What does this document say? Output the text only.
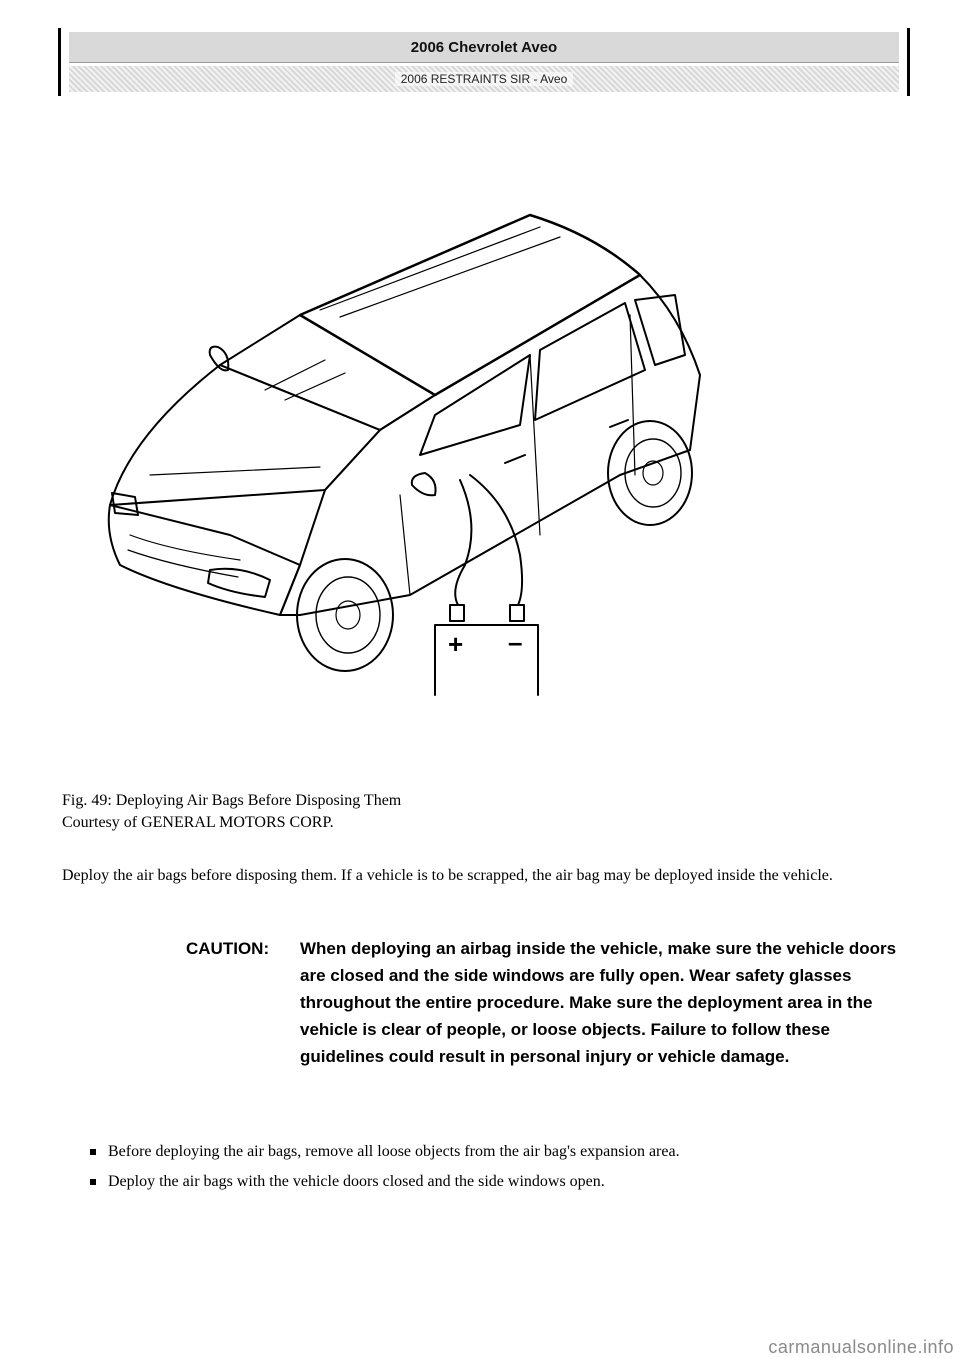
2006 Chevrolet Aveo
2006 RESTRAINTS SIR - Aveo
+ –
Fig. 49: Deploying Air Bags Before Disposing Them
Courtesy of GENERAL MOTORS CORP.
Deploy the air bags before disposing them. If a vehicle is to be scrapped, the air bag may be deployed inside the vehicle.
CAUTION:	When deploying an airbag inside the vehicle, make sure the vehicle doors are closed and the side windows are fully open. Wear safety glasses throughout the entire procedure. Make sure the deployment area in the vehicle is clear of people, or loose objects. Failure to follow these guidelines could result in personal injury or vehicle damage.
Before deploying the air bags, remove all loose objects from the air bag's expansion area.
Deploy the air bags with the vehicle doors closed and the side windows open.
carmanualsonline.info
